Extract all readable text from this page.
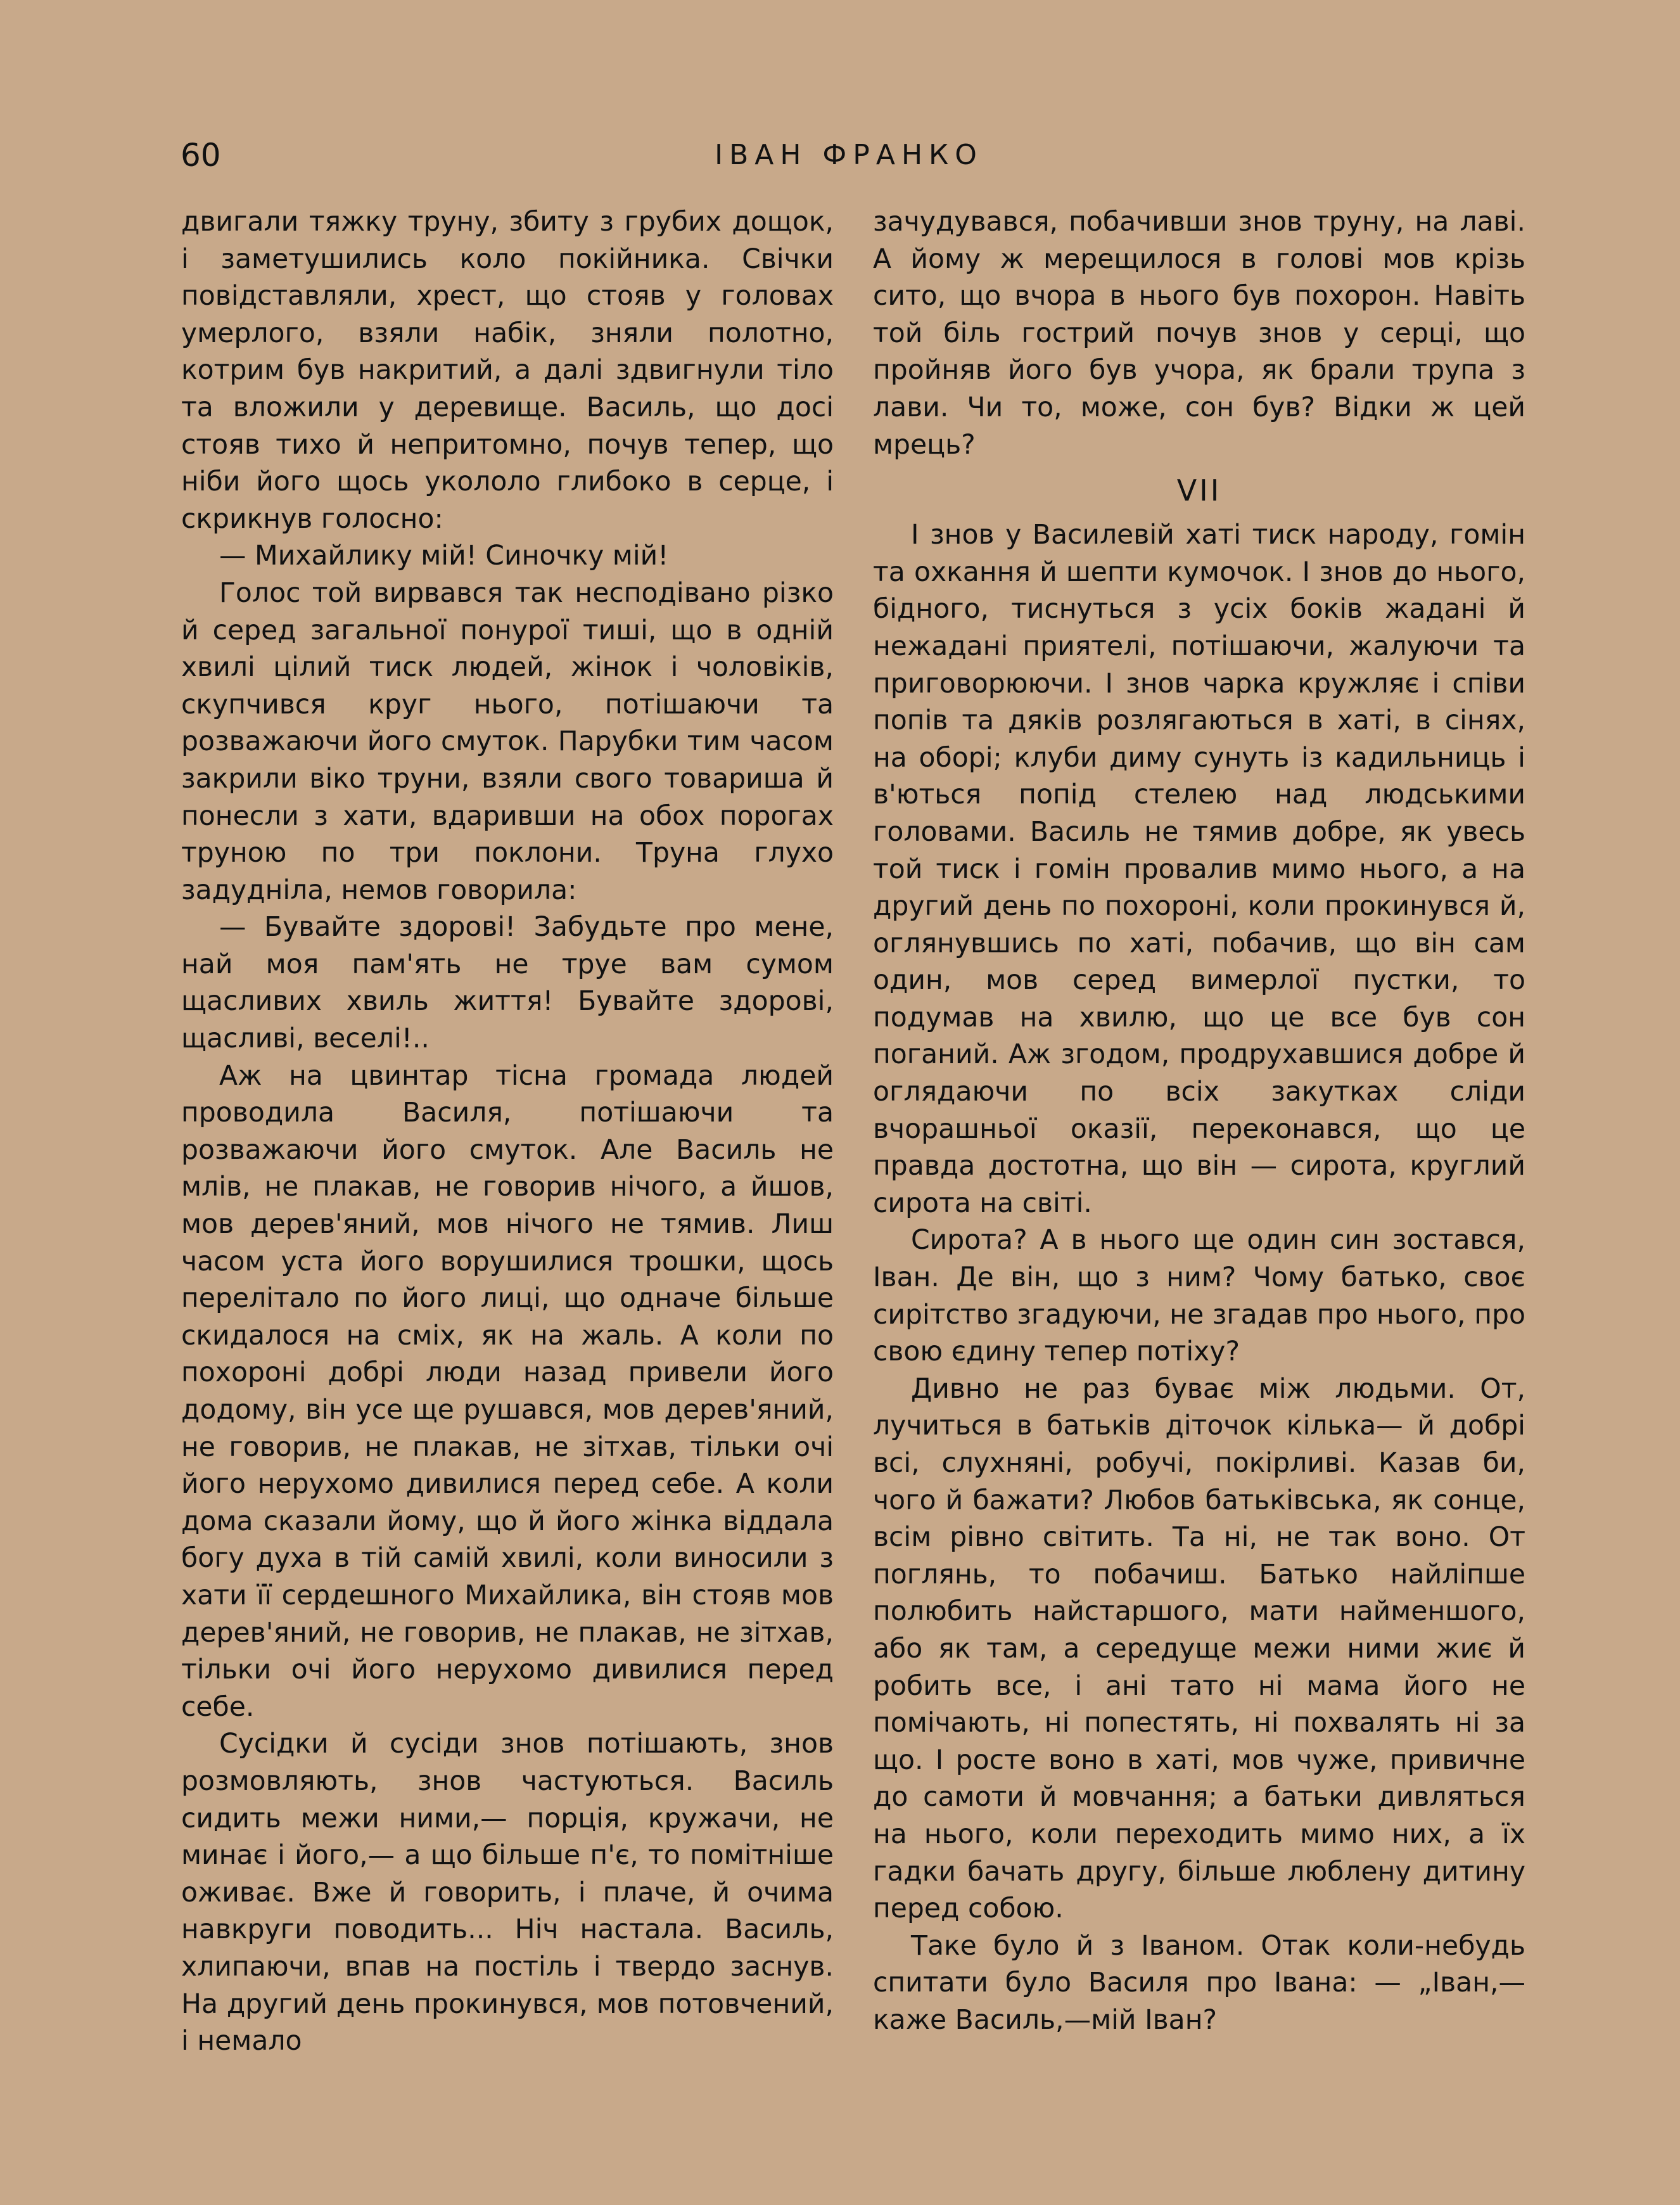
60	ІВАН ФРАНКО

двигали тяжку труну, збиту з грубих дощок, і заметушились коло покійника. Свічки повідставляли, хрест, що стояв у головах умерлого, взяли набік, зняли полотно, котрим був накритий, а далі здвигнули тіло та вложили у деревище. Василь, що досі стояв тихо й непритомно, почув тепер, що ніби його щось укололо глибоко в серце, і скрикнув голосно:

— Михайлику мій! Синочку мій!

Голос той вирвався так несподівано різко й серед загальної понурої тиші, що в одній хвилі цілий тиск людей, жінок і чоловіків, скупчився круг нього, потішаючи та розважаючи його смуток. Парубки тим часом закрили віко труни, взяли свого товариша й понесли з хати, вдаривши на обох порогах труною по три поклони. Труна глухо задудніла, немов говорила:

— Бувайте здорові! Забудьте про мене, най моя пам'ять не труе вам сумом щасливих хвиль життя! Бувайте здорові, щасливі, веселі!..

Аж на цвинтар тісна громада людей проводила Василя, потішаючи та розважаючи його смуток. Але Василь не млів, не плакав, не говорив нічого, а йшов, мов дерев'яний, мов нічого не тямив. Лиш часом уста його ворушилися трошки, щось перелітало по його лиці, що одначе більше скидалося на сміх, як на жаль. А коли по похороні добрі люди назад привели його додому, він усе ще рушався, мов дерев'яний, не говорив, не плакав, не зітхав, тільки очі його нерухомо дивилися перед себе. А коли дома сказали йому, що й його жінка віддала богу духа в тій самій хвилі, коли виносили з хати її сердешного Михайлика, він стояв мов дерев'яний, не говорив, не плакав, не зітхав, тільки очі його нерухомо дивилися перед себе.

Сусідки й сусіди знов потішають, знов розмовляють, знов частуються. Василь сидить межи ними,— порція, кружачи, не минає і його,— а що більше п'є, то помітніше оживає. Вже й говорить, і плаче, й очима навкруги поводить... Ніч настала. Василь, хлипаючи, впав на постіль і твердо заснув. На другий день прокинувся, мов потовчений, і немало

зачудувався, побачивши знов труну, на лаві. А йому ж мерещилося в голові мов крізь сито, що вчора в нього був похорон. Навіть той біль гострий почув знов у серці, що пройняв його був учора, як брали трупа з лави. Чи то, може, сон був? Відки ж цей мрець?

VII

І знов у Василевій хаті тиск народу, гомін та охкання й шепти кумочок. І знов до нього, бідного, тиснуться з усіх боків жадані й нежадані приятелі, потішаючи, жалуючи та приговорюючи. І знов чарка кружляє і співи попів та дяків розлягаються в хаті, в сінях, на оборі; клуби диму сунуть із кадильниць і в'ються попід стелею над людськими головами. Василь не тямив добре, як увесь той тиск і гомін провалив мимо нього, а на другий день по похороні, коли прокинувся й, оглянувшись по хаті, побачив, що він сам один, мов серед вимерлої пустки, то подумав на хвилю, що це все був сон поганий. Аж згодом, продрухавшися добре й оглядаючи по всіх закутках сліди вчорашньої оказії, переконався, що це правда достотна, що він — сирота, круглий сирота на світі.

Сирота? А в нього ще один син зостався, Іван. Де він, що з ним? Чому батько, своє сирітство згадуючи, не згадав про нього, про свою єдину тепер потіху?

Дивно не раз буває між людьми. От, лучиться в батьків діточок кілька— й добрі всі, слухняні, робучі, покірливі. Казав би, чого й бажати? Любов батьківська, як сонце, всім рівно світить. Та ні, не так воно. От поглянь, то побачиш. Батько найліпше полюбить найстаршого, мати найменшого, або як там, а середуще межи ними жиє й робить все, і ані тато ні мама його не помічають, ні попестять, ні похвалять ні за що. І росте воно в хаті, мов чуже, привичне до самоти й мовчання; а батьки дивляться на нього, коли переходить мимо них, а їх гадки бачать другу, більше люблену дитину перед собою.

Таке було й з Іваном. Отак коли-небудь спитати було Василя про Івана: — „Іван,—каже Василь,—мій Іван?
